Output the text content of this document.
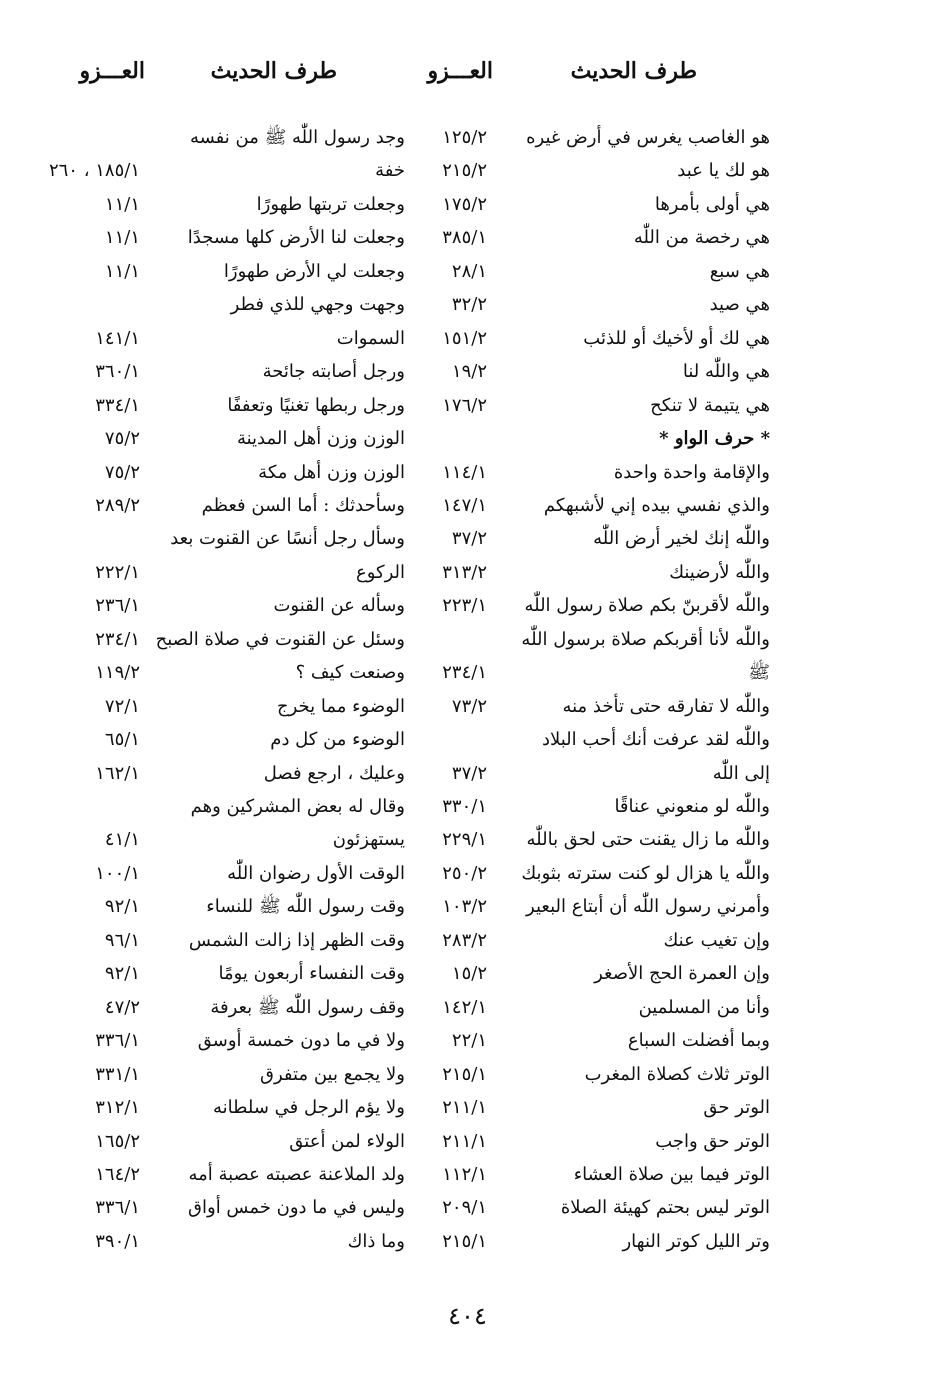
طرف الحديث
العـــزو
طرف الحديث
العـــزو
هو الغاصب يغرس في أرض غيره
١٢٥/٢
وجد رسول اللّٰه ﷺ من نفسه
هو لك يا عبد
٢١٥/٢
خفة
١٨٥/١ ، ٢٦٠
هي أولى بأمرها
١٧٥/٢
وجعلت تربتها طهورًا
١١/١
هي رخصة من اللّٰه
٣٨٥/١
وجعلت لنا الأرض كلها مسجدًا
١١/١
هي سبع
٢٨/١
وجعلت لي الأرض طهورًا
١١/١
هي صيد
٣٢/٢
وجهت وجهي للذي فطر
هي لك أو لأخيك أو للذئب
١٥١/٢
السموات
١٤١/١
هي واللّٰه لنا
١٩/٢
ورجل أصابته جائحة
٣٦٠/١
هي يتيمة لا تنكح
١٧٦/٢
ورجل ربطها تغنيًا وتعففًا
٣٣٤/١
* حرف الواو *
الوزن وزن أهل المدينة
٧٥/٢
والإقامة واحدة واحدة
١١٤/١
الوزن وزن أهل مكة
٧٥/٢
والذي نفسي بيده إني لأشبهكم
١٤٧/١
وسأحدثك : أما السن فعظم
٢٨٩/٢
واللّٰه إنك لخير أرض اللّٰه
٣٧/٢
وسأل رجل أنسًا عن القنوت بعد
واللّٰه لأرضينك
٣١٣/٢
الركوع
٢٢٢/١
واللّٰه لأقربنّ بكم صلاة رسول اللّٰه
٢٢٣/١
وسأله عن القنوت
٢٣٦/١
واللّٰه لأنا أقربكم صلاة برسول اللّٰه
وسئل عن القنوت في صلاة الصبح
٢٣٤/١
ﷺ
٢٣٤/١
وصنعت كيف ؟
١١٩/٢
واللّٰه لا تفارقه حتى تأخذ منه
٧٣/٢
الوضوء مما يخرج
٧٢/١
واللّٰه لقد عرفت أنك أحب البلاد
الوضوء من كل دم
٦٥/١
إلى اللّٰه
٣٧/٢
وعليك ، ارجع فصل
١٦٢/١
واللّٰه لو منعوني عناقًا
٣٣٠/١
وقال له بعض المشركين وهم
واللّٰه ما زال يقنت حتى لحق باللّٰه
٢٢٩/١
يستهزئون
٤١/١
واللّٰه يا هزال لو كنت سترته بثوبك
٢٥٠/٢
الوقت الأول رضوان اللّٰه
١٠٠/١
وأمرني رسول اللّٰه أن أبتاع البعير
١٠٣/٢
وقت رسول اللّٰه ﷺ للنساء
٩٢/١
وإن تغيب عنك
٢٨٣/٢
وقت الظهر إذا زالت الشمس
٩٦/١
وإن العمرة الحج الأصغر
١٥/٢
وقت النفساء أربعون يومًا
٩٢/١
وأنا من المسلمين
١٤٢/١
وقف رسول اللّٰه ﷺ بعرفة
٤٧/٢
وبما أفضلت السباع
٢٢/١
ولا في ما دون خمسة أوسق
٣٣٦/١
الوتر ثلاث كصلاة المغرب
٢١٥/١
ولا يجمع بين متفرق
٣٣١/١
الوتر حق
٢١١/١
ولا يؤم الرجل في سلطانه
٣١٢/١
الوتر حق واجب
٢١١/١
الولاء لمن أعتق
١٦٥/٢
الوتر فيما بين صلاة العشاء
١١٢/١
ولد الملاعنة عصبته عصبة أمه
١٦٤/٢
الوتر ليس بحتم كهيئة الصلاة
٢٠٩/١
وليس في ما دون خمس أواق
٣٣٦/١
وتر الليل كوتر النهار
٢١٥/١
وما ذاك
٣٩٠/١
٤٠٤
